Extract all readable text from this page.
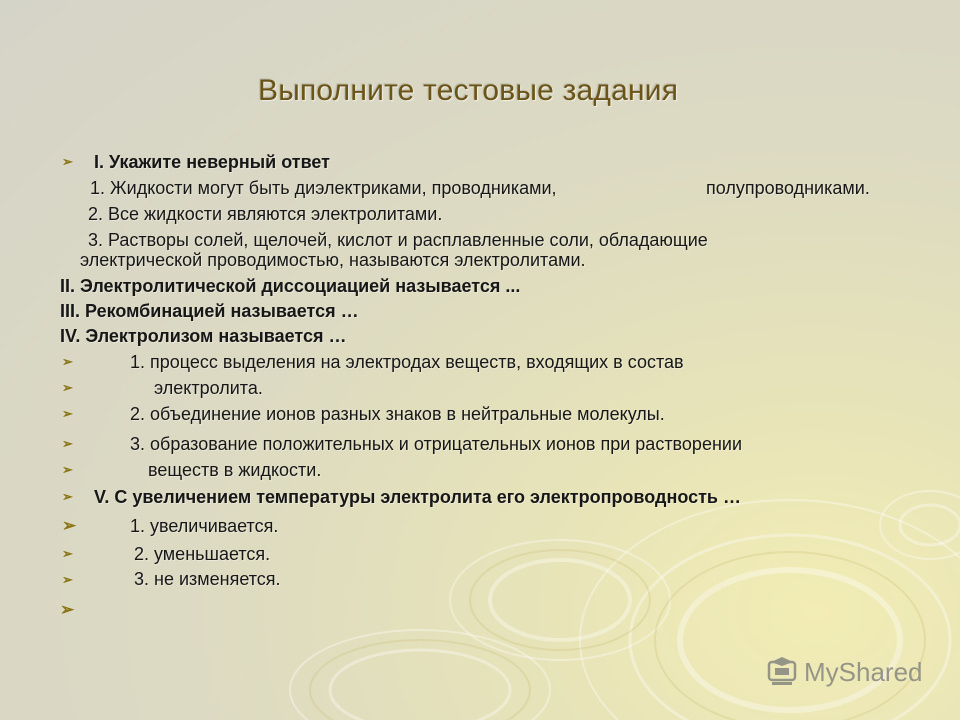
Выполните тестовые задания
➢ I. Укажите неверный ответ
1. Жидкости могут быть диэлектриками, проводниками,	полупроводниками.
2. Все жидкости являются электролитами.
3. Растворы солей, щелочей, кислот и расплавленные соли, обладающие
электрической проводимостью, называются электролитами.
II. Электролитической диссоциацией называется ...
III. Рекомбинацией называется …
IV. Электролизом называется …
➢	1. процесс выделения на электродах веществ, входящих в состав
➢	электролита.
➢	2. объединение ионов разных знаков в нейтральные молекулы.
➢	3. образование положительных и отрицательных ионов при растворении
➢	веществ в жидкости.
➢ V. С увеличением температуры электролита его электропроводность …
➢	1. увеличивается.
➢	2. уменьшается.
➢	3. не изменяется.
➢
MyShared
